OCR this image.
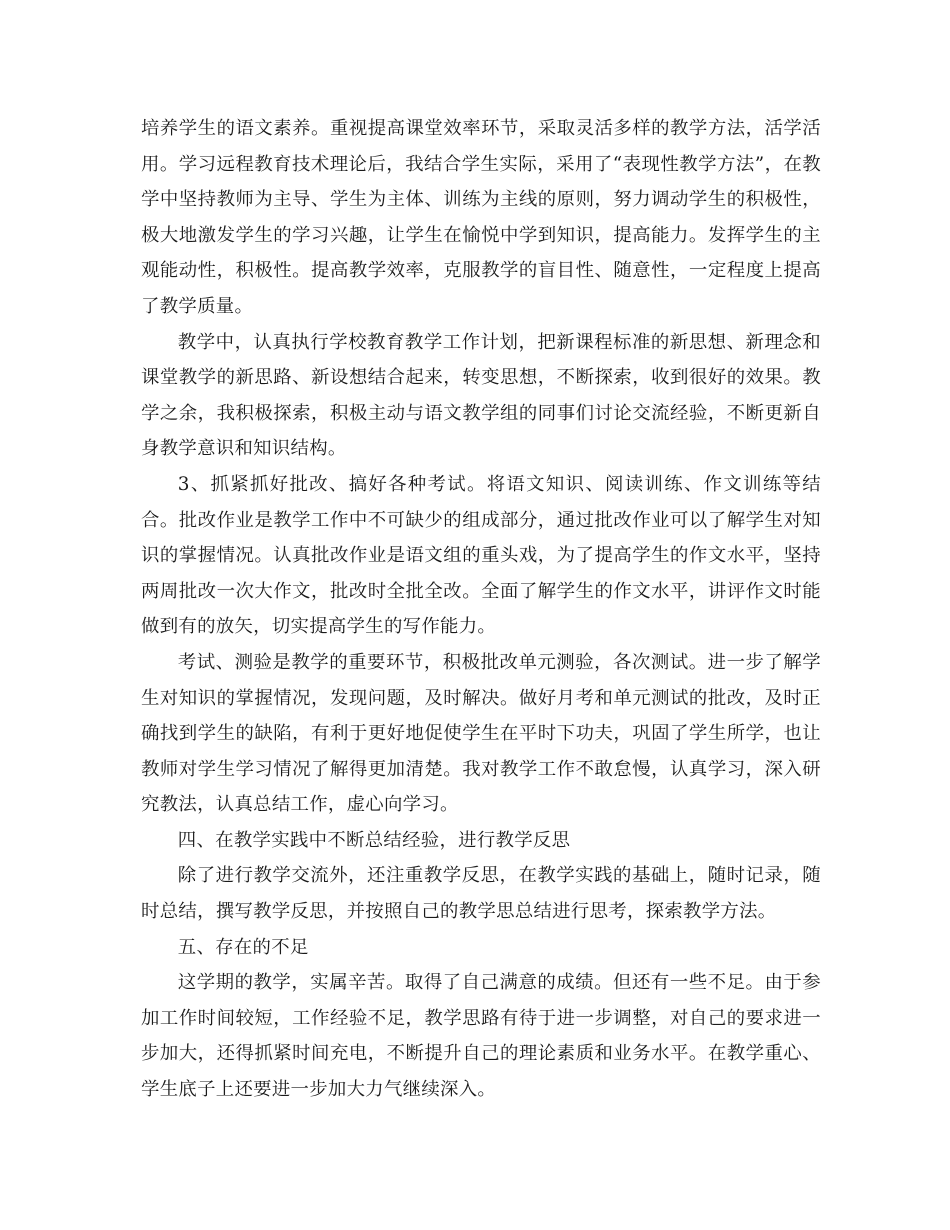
培养学生的语文素养。重视提高课堂效率环节，采取灵活多样的教学方法，活学活用。学习远程教育技术理论后，我结合学生实际，采用了“表现性教学方法”，在教学中坚持教师为主导、学生为主体、训练为主线的原则，努力调动学生的积极性，极大地激发学生的学习兴趣，让学生在愉悦中学到知识，提高能力。发挥学生的主观能动性，积极性。提高教学效率，克服教学的盲目性、随意性，一定程度上提高了教学质量。

教学中，认真执行学校教育教学工作计划，把新课程标准的新思想、新理念和课堂教学的新思路、新设想结合起来，转变思想，不断探索，收到很好的效果。教学之余，我积极探索，积极主动与语文教学组的同事们讨论交流经验，不断更新自身教学意识和知识结构。

3、抓紧抓好批改、搞好各种考试。将语文知识、阅读训练、作文训练等结合。批改作业是教学工作中不可缺少的组成部分，通过批改作业可以了解学生对知识的掌握情况。认真批改作业是语文组的重头戏，为了提高学生的作文水平，坚持两周批改一次大作文，批改时全批全改。全面了解学生的作文水平，讲评作文时能做到有的放矢，切实提高学生的写作能力。

考试、测验是教学的重要环节，积极批改单元测验，各次测试。进一步了解学生对知识的掌握情况，发现问题，及时解决。做好月考和单元测试的批改，及时正确找到学生的缺陷，有利于更好地促使学生在平时下功夫，巩固了学生所学，也让教师对学生学习情况了解得更加清楚。我对教学工作不敢怠慢，认真学习，深入研究教法，认真总结工作，虚心向学习。

四、在教学实践中不断总结经验，进行教学反思

除了进行教学交流外，还注重教学反思，在教学实践的基础上，随时记录，随时总结，撰写教学反思，并按照自己的教学思总结进行思考，探索教学方法。

五、存在的不足

这学期的教学，实属辛苦。取得了自己满意的成绩。但还有一些不足。由于参加工作时间较短，工作经验不足，教学思路有待于进一步调整，对自己的要求进一步加大，还得抓紧时间充电，不断提升自己的理论素质和业务水平。在教学重心、学生底子上还要进一步加大力气继续深入。
